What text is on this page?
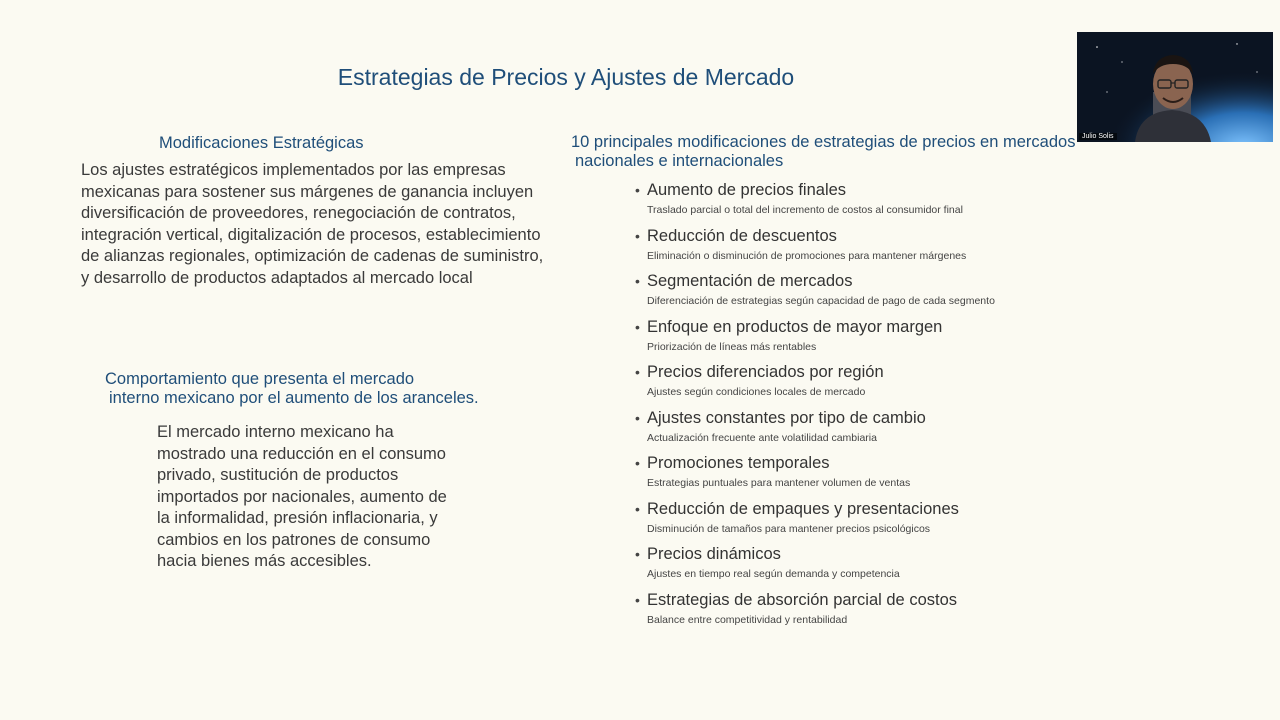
Estrategias de Precios y Ajustes de Mercado
Modificaciones Estratégicas
Los ajustes estratégicos implementados por las empresas mexicanas para sostener sus márgenes de ganancia incluyen diversificación de proveedores, renegociación de contratos, integración vertical, digitalización de procesos, establecimiento de alianzas regionales, optimización de cadenas de suministro, y desarrollo de productos adaptados al mercado local
Comportamiento que presenta el mercado
interno mexicano por el aumento de los aranceles.
El mercado interno mexicano ha mostrado una reducción en el consumo privado, sustitución de productos importados por nacionales, aumento de la informalidad, presión inflacionaria, y cambios en los patrones de consumo hacia bienes más accesibles.
10 principales modificaciones de estrategias de precios en mercados
nacionales e internacionales
• Aumento de precios finales
Traslado parcial o total del incremento de costos al consumidor final
• Reducción de descuentos
Eliminación o disminución de promociones para mantener márgenes
• Segmentación de mercados
Diferenciación de estrategias según capacidad de pago de cada segmento
• Enfoque en productos de mayor margen
Priorización de líneas más rentables
• Precios diferenciados por región
Ajustes según condiciones locales de mercado
• Ajustes constantes por tipo de cambio
Actualización frecuente ante volatilidad cambiaria
• Promociones temporales
Estrategias puntuales para mantener volumen de ventas
• Reducción de empaques y presentaciones
Disminución de tamaños para mantener precios psicológicos
• Precios dinámicos
Ajustes en tiempo real según demanda y competencia
• Estrategias de absorción parcial de costos
Balance entre competitividad y rentabilidad
Julio Solis
